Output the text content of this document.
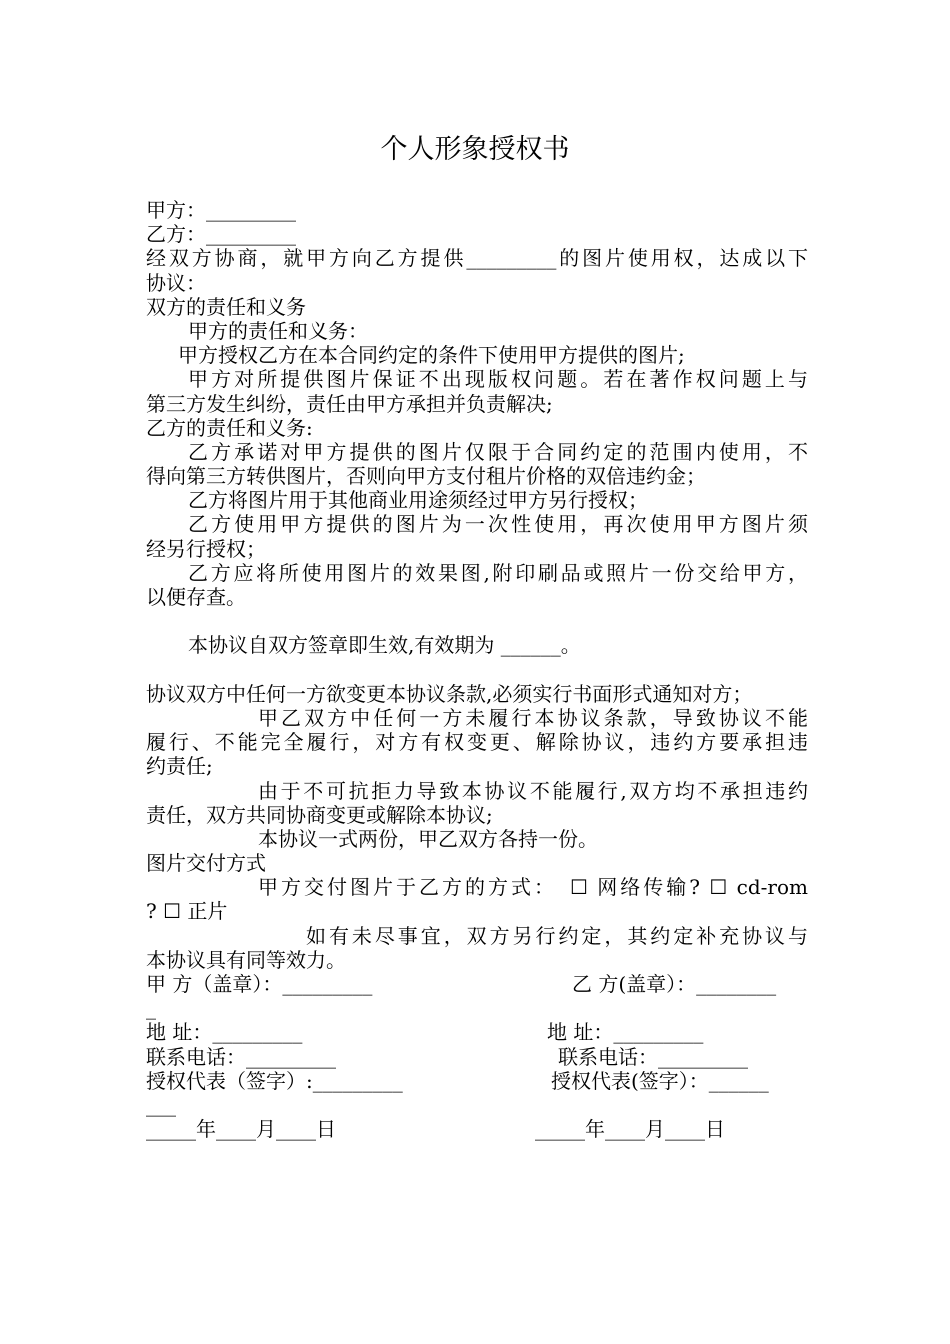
个人形象授权书
甲方：_________
乙方：_________
经双方协商，就甲方向乙方提供_________的图片使用权，达成以下
协议：
双方的责任和义务
甲方的责任和义务：
甲方授权乙方在本合同约定的条件下使用甲方提供的图片;
甲方对所提供图片保证不出现版权问题。若在著作权问题上与
第三方发生纠纷，责任由甲方承担并负责解决;
乙方的责任和义务:
乙方承诺对甲方提供的图片仅限于合同约定的范围内使用，不
得向第三方转供图片，否则向甲方支付租片价格的双倍违约金；
乙方将图片用于其他商业用途须经过甲方另行授权；
乙方使用甲方提供的图片为一次性使用，再次使用甲方图片须
经另行授权；
乙方应将所使用图片的效果图,附印刷品或照片一份交给甲方，
以便存查。
本协议自双方签章即生效,有效期为 ______。
协议双方中任何一方欲变更本协议条款,必须实行书面形式通知对方；
甲乙双方中任何一方未履行本协议条款，导致协议不能
履行、不能完全履行，对方有权变更、解除协议，违约方要承担违
约责任;
由于不可抗拒力导致本协议不能履行,双方均不承担违约
责任，双方共同协商变更或解除本协议;
本协议一式两份，甲乙双方各持一份。
图片交付方式
甲方交付图片于乙方的方式：　☐ 网络传输? ☐ cd-rom
? ☐ 正片
如有未尽事宜，双方另行约定，其约定补充协议与
本协议具有同等效力。
甲 方（盖章）：_________	乙 方(盖章）：________
_
地 址：_________	地 址：_________
联系电话：_________	联系电话：_________
授权代表（签字）:_________	授权代表(签字）：______
___
_____年____月____日	_____年____月____日
